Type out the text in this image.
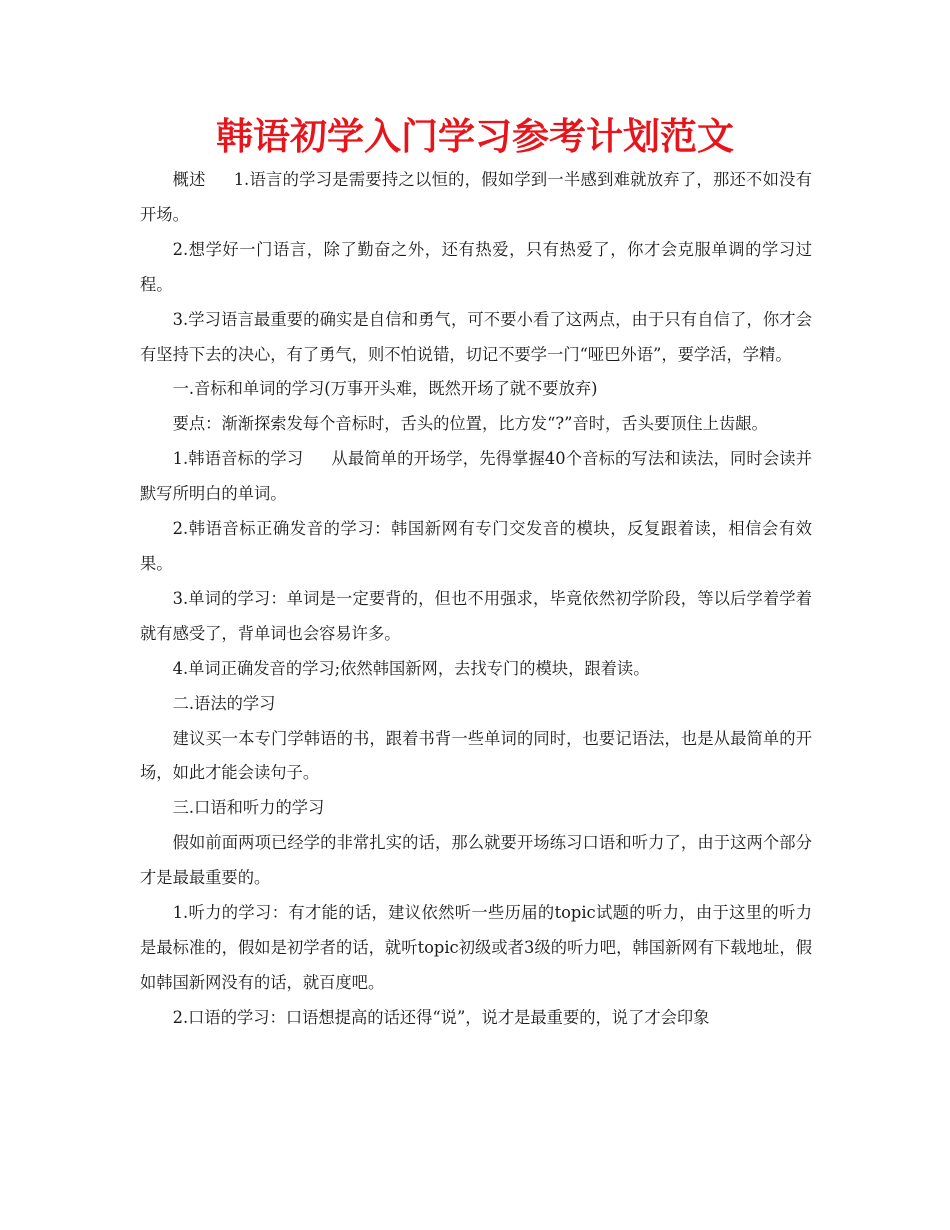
韩语初学入门学习参考计划范文

概述 1.语言的学习是需要持之以恒的，假如学到一半感到难就放弃了，那还不如没有开场。

2.想学好一门语言，除了勤奋之外，还有热爱，只有热爱了，你才会克服单调的学习过程。

3.学习语言最重要的确实是自信和勇气，可不要小看了这两点，由于只有自信了，你才会有坚持下去的决心，有了勇气，则不怕说错，切记不要学一门“哑巴外语”，要学活，学精。

一.音标和单词的学习(万事开头难，既然开场了就不要放弃)

要点：渐渐探索发每个音标时，舌头的位置，比方发“?”音时，舌头要顶住上齿龈。

1.韩语音标的学习 从最简单的开场学，先得掌握40个音标的写法和读法，同时会读并默写所明白的单词。

2.韩语音标正确发音的学习：韩国新网有专门交发音的模块，反复跟着读，相信会有效果。

3.单词的学习：单词是一定要背的，但也不用强求，毕竟依然初学阶段，等以后学着学着就有感受了，背单词也会容易许多。

4.单词正确发音的学习;依然韩国新网，去找专门的模块，跟着读。

二.语法的学习

建议买一本专门学韩语的书，跟着书背一些单词的同时，也要记语法，也是从最简单的开场，如此才能会读句子。

三.口语和听力的学习

假如前面两项已经学的非常扎实的话，那么就要开场练习口语和听力了，由于这两个部分才是最最重要的。

1.听力的学习：有才能的话，建议依然听一些历届的topic试题的听力，由于这里的听力是最标准的，假如是初学者的话，就听topic初级或者3级的听力吧，韩国新网有下载地址，假如韩国新网没有的话，就百度吧。

2.口语的学习：口语想提高的话还得“说”，说才是最重要的，说了才会印象
